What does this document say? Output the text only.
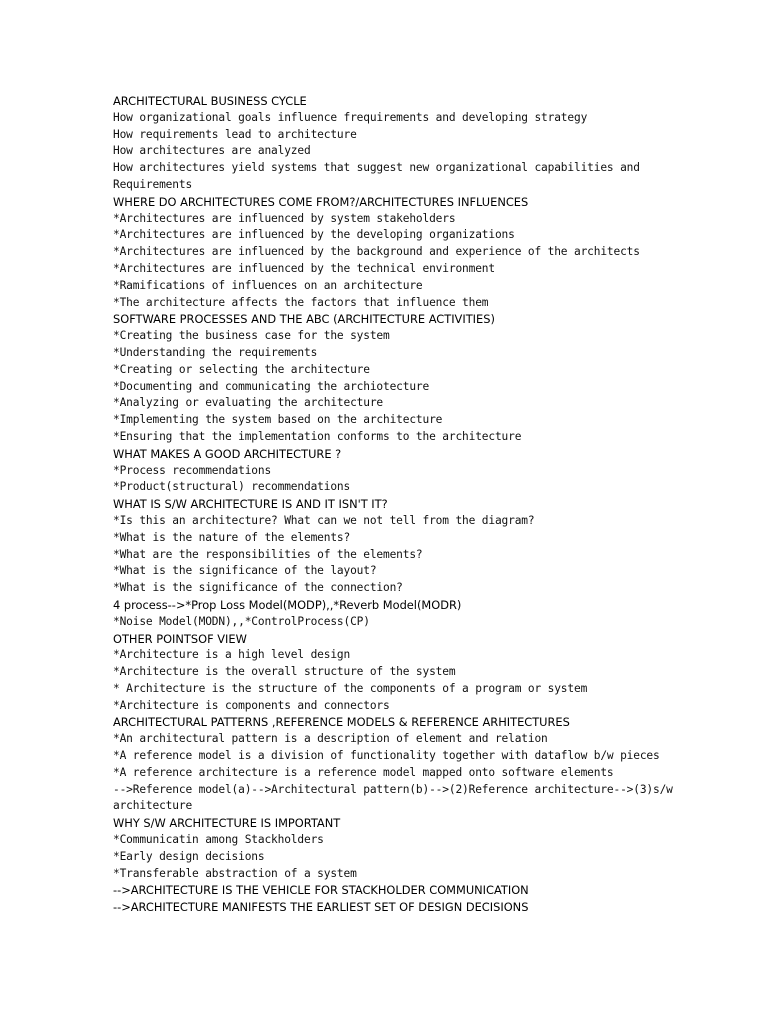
ARCHITECTURAL BUSINESS CYCLE
How organizational goals influence frequirements and developing strategy
How requirements lead to architecture
How architectures are analyzed
How architectures yield systems that suggest new organizational capabilities and
Requirements
WHERE DO ARCHITECTURES COME FROM?/ARCHITECTURES INFLUENCES
*Architectures are influenced by system stakeholders
*Architectures are influenced by the developing organizations
*Architectures are influenced by the background and experience of the architects
*Architectures are influenced by the technical environment
*Ramifications of influences on an architecture
*The architecture affects the factors that influence them
SOFTWARE PROCESSES AND THE ABC (ARCHITECTURE ACTIVITIES)
*Creating the business case for the system
*Understanding the requirements
*Creating or selecting the architecture
*Documenting and communicating the archiotecture
*Analyzing or evaluating the architecture
*Implementing the system based on the architecture
*Ensuring that the implementation conforms to the architecture
WHAT MAKES A GOOD ARCHITECTURE ?
*Process recommendations
*Product(structural) recommendations
WHAT IS S/W ARCHITECTURE IS AND IT ISN'T IT?
*Is this an architecture? What can we not tell from the diagram?
*What is the nature of the elements?
*What are the responsibilities of the elements?
*What is the significance of the layout?
*What is the significance of the connection?
4 process-->*Prop Loss Model(MODP),,*Reverb Model(MODR)
*Noise Model(MODN),,*ControlProcess(CP)
OTHER POINTSOF VIEW
*Architecture is a high level design
*Architecture is the overall structure of the system
* Architecture is the structure of the components of a program or system
*Architecture is components and connectors
ARCHITECTURAL PATTERNS ,REFERENCE MODELS & REFERENCE ARHITECTURES
*An architectural pattern is a description of element and relation
*A reference model is a division of functionality together with dataflow b/w pieces
*A reference architecture is a reference model mapped onto software elements
-->Reference model(a)-->Architectural pattern(b)-->(2)Reference architecture-->(3)s/w
architecture
WHY S/W ARCHITECTURE IS IMPORTANT
*Communicatin among Stackholders
*Early design decisions
*Transferable abstraction of a system
-->ARCHITECTURE IS THE VEHICLE FOR STACKHOLDER COMMUNICATION
-->ARCHITECTURE MANIFESTS THE EARLIEST SET OF DESIGN DECISIONS
